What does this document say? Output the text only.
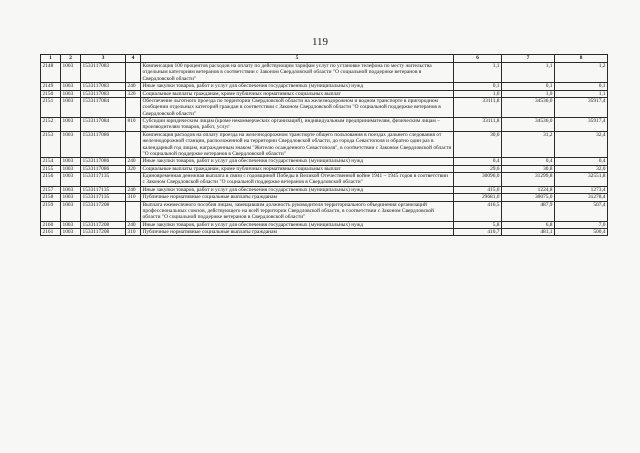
119
1	2	3	4	5	6	7	8
2148	1003	1533117083		Компенсация 100 процентов расходов на оплату по действующим тарифам услуг по установке телефона по месту жительства отдельным категориям ветеранов в соответствии с Законом Свердловской области "О социальной поддержке ветеранов в Свердловской области"	1,1	1,1	1,2
2149	1003	1533117083	240	Иные закупки товаров, работ и услуг для обеспечения государственных (муниципальных) нужд	0,1	0,1	0,1
2150	1003	1533117083	320	Социальные выплаты гражданам, кроме публичных нормативных социальных выплат	1,0	1,0	1,1
2151	1003	1533117084		Обеспечение льготного проезда по территории Свердловской области на железнодорожном и водном транспорте в пригородном сообщении отдельных категорий граждан в соответствии с Законом Свердловской области "О социальной поддержке ветеранов в Свердловской области"	33111,8	34536,0	35917,4
2152	1003	1533117084	810	Субсидии юридическим лицам (кроме некоммерческих организаций), индивидуальным предпринимателям, физическим лицам – производителям товаров, работ, услуг	33111,8	34536,0	35917,4
2153	1003	1533117086		Компенсация расходов на оплату проезда на железнодорожном транспорте общего пользования в поездах дальнего следования от железнодорожной станции, расположенной на территории Свердловской области, до города Севастополя и обратно один раз в календарный год лицам, награжденным знаком "Жителю осажденного Севастополя", в соответствии с Законом Свердловской области "О социальной поддержке ветеранов в Свердловской области"	30,0	31,2	32,4
2154	1003	1533117086	240	Иные закупки товаров, работ и услуг для обеспечения государственных (муниципальных) нужд	0,4	0,4	0,4
2155	1003	1533117086	320	Социальные выплаты гражданам, кроме публичных нормативных социальных выплат	29,6	30,8	32,0
2156	1003	1533117135		Единовременная денежная выплата в связи с годовщиной Победы в Великой Отечественной войне 1941 – 1945 годов в соответствии с Законом Свердловской области "О социальной поддержке ветеранов в Свердловской области"	30096,0	31299,8	32551,8
2157	1003	1533117135	240	Иные закупки товаров, работ и услуг для обеспечения государственных (муниципальных) нужд	415,0	1224,8	1273,4
2158	1003	1533117135	310	Публичные нормативные социальные выплаты гражданам	29681,0	30075,0	31278,4
2159	1003	1533117208		Выплата ежемесячного пособия лицам, замещавшим должность руководителя территориального объединения организаций профессиональных союзов, действующего на всей территории Свердловской области, в соответствии с Законом Свердловской области "О социальной поддержке ветеранов в Свердловской области"	416,5	487,9	507,4
2160	1003	1533117208	240	Иные закупки товаров, работ и услуг для обеспечения государственных (муниципальных) нужд	5,8	6,8	7,0
2161	1003	1533117208	310	Публичные нормативные социальные выплаты гражданам	410,7	481,1	500,4
